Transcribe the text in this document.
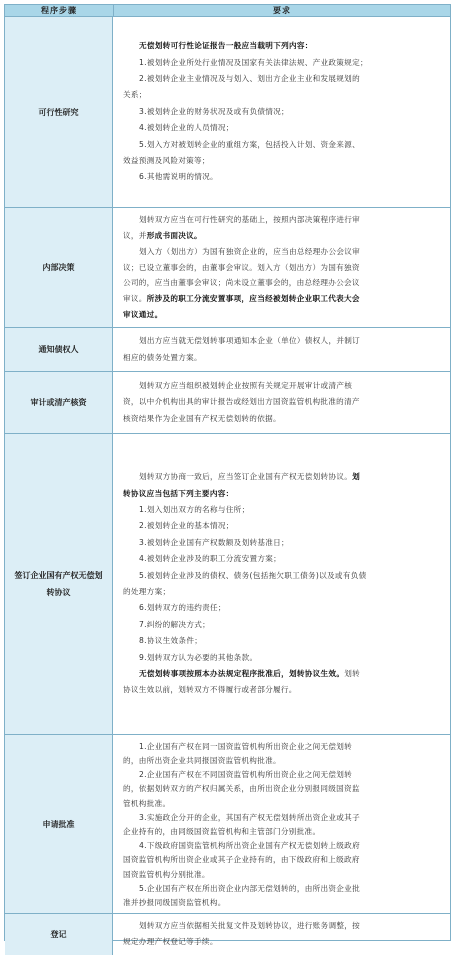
程序步骤	要求
可行性研究
无偿划转可行性论证报告一般应当载明下列内容：
1.被划转企业所处行业情况及国家有关法律法规、产业政策规定；
2.被划转企业主业情况及与划入、划出方企业主业和发展规划的
关系；
3.被划转企业的财务状况及或有负债情况；
4.被划转企业的人员情况；
5.划入方对被划转企业的重组方案，包括投入计划、资金来源、
效益预测及风险对策等；
6.其他需说明的情况。
内部决策
划转双方应当在可行性研究的基础上，按照内部决策程序进行审
议，并形成书面决议。
划入方（划出方）为国有独资企业的，应当由总经理办公会议审
议；已设立董事会的，由董事会审议。划入方（划出方）为国有独资
公司的，应当由董事会审议；尚未设立董事会的，由总经理办公会议
审议。所涉及的职工分流安置事项，应当经被划转企业职工代表大会
审议通过。
通知债权人
划出方应当就无偿划转事项通知本企业（单位）债权人，并制订
相应的债务处置方案。
审计或清产核资
划转双方应当组织被划转企业按照有关规定开展审计或清产核
资，以中介机构出具的审计报告或经划出方国资监管机构批准的清产
核资结果作为企业国有产权无偿划转的依据。
签订企业国有产权无偿划转协议
划转双方协商一致后，应当签订企业国有产权无偿划转协议。划
转协议应当包括下列主要内容：
1.划入划出双方的名称与住所；
2.被划转企业的基本情况；
3.被划转企业国有产权数额及划转基准日；
4.被划转企业涉及的职工分流安置方案；
5.被划转企业涉及的债权、债务(包括拖欠职工债务)以及或有负债
的处理方案；
6.划转双方的违约责任；
7.纠纷的解决方式；
8.协议生效条件；
9.划转双方认为必要的其他条款。
无偿划转事项按照本办法规定程序批准后，划转协议生效。划转
协议生效以前，划转双方不得履行或者部分履行。
申请批准
1.企业国有产权在同一国资监管机构所出资企业之间无偿划转
的，由所出资企业共同报国资监管机构批准。
2.企业国有产权在不同国资监管机构所出资企业之间无偿划转
的，依据划转双方的产权归属关系，由所出资企业分别报同级国资监
管机构批准。
3.实施政企分开的企业，其国有产权无偿划转所出资企业或其子
企业持有的，由同级国资监管机构和主管部门分别批准。
4.下级政府国资监管机构所出资企业国有产权无偿划转上级政府
国资监管机构所出资企业或其子企业持有的，由下级政府和上级政府
国资监管机构分别批准。
5.企业国有产权在所出资企业内部无偿划转的，由所出资企业批
准并抄报同级国资监管机构。
登记
划转双方应当依据相关批复文件及划转协议，进行账务调整，按
规定办理产权登记等手续。
